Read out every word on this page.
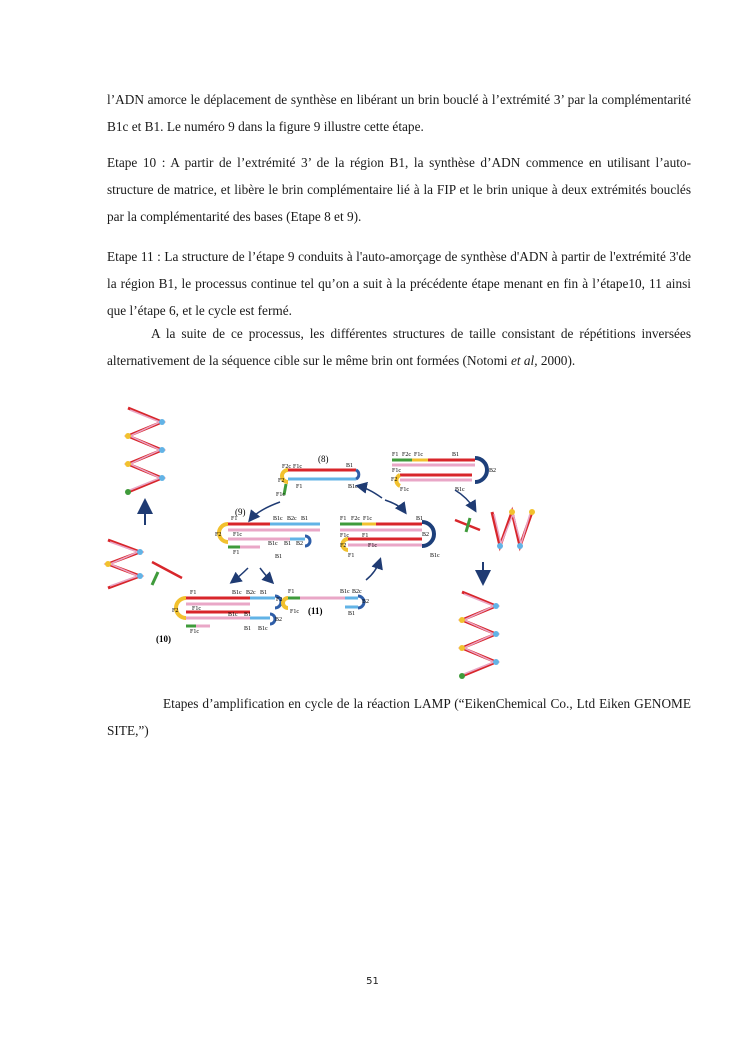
l’ADN amorce le déplacement de synthèse en libérant un brin bouclé à l’extrémité 3’ par la complémentarité B1c et B1. Le numéro 9 dans la figure 9 illustre cette étape.

Etape 10 : A partir de l’extrémité 3’ de la région B1, la synthèse d’ADN commence en utilisant l’auto-structure de matrice, et libère le brin complémentaire lié à la FIP et le brin unique à deux extrémités bouclés par la complémentarité des bases (Etape 8 et 9).

Etape 11 : La structure de l’étape 9 conduits à l'auto-amorçage de synthèse d'ADN à partir de l'extrémité 3'de la région B1, le processus continue tel qu’on a suit à la précédente étape menant en fin à l’étape10, 11 ainsi que l’étape 6, et le cycle est fermé.

A la suite de ce processus, les différentes structures de taille consistant de répétitions inversées alternativement de la séquence cible sur le même brin ont formées (Notomi et al, 2000).

(8)
F2c F1c	B1
F2
F1	B1c
F1c
F1 F2c F1c	B1
B2
F1c
F2
F1c	B1c
(9)
F1	B1c B2c B1
F2 F1c
B1c B1 B2
F1
B1
F1 F2c F1c	B1
F1c F1
F2	F1c
B2
F1	B1c
F1	B1c B2c B1
F2 F1c
B1c B1
B2
F1c	B1 B1c
(10)
F1	B1c B2c
F2	B2
F1c	B1
(11)

Etapes d’amplification en cycle de la réaction LAMP (“EikenChemical Co., Ltd Eiken GENOME SITE,”)

51
